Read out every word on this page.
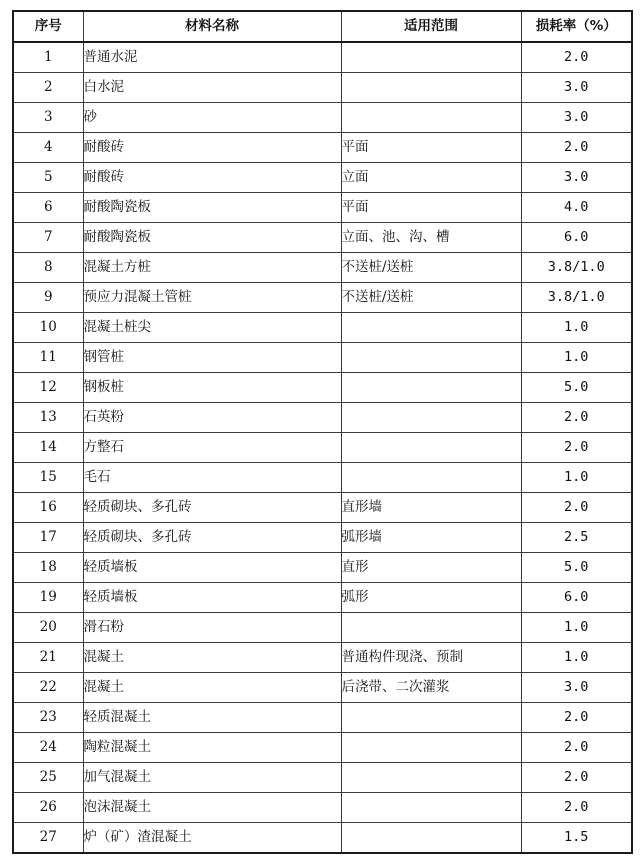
序号	材料名称	适用范围	损耗率（%）
1	普通水泥		2.0
2	白水泥		3.0
3	砂		3.0
4	耐酸砖	平面	2.0
5	耐酸砖	立面	3.0
6	耐酸陶瓷板	平面	4.0
7	耐酸陶瓷板	立面、池、沟、槽	6.0
8	混凝土方桩	不送桩/送桩	3.8/1.0
9	预应力混凝土管桩	不送桩/送桩	3.8/1.0
10	混凝土桩尖		1.0
11	钢管桩		1.0
12	钢板桩		5.0
13	石英粉		2.0
14	方整石		2.0
15	毛石		1.0
16	轻质砌块、多孔砖	直形墙	2.0
17	轻质砌块、多孔砖	弧形墙	2.5
18	轻质墙板	直形	5.0
19	轻质墙板	弧形	6.0
20	滑石粉		1.0
21	混凝土	普通构件现浇、预制	1.0
22	混凝土	后浇带、二次灌浆	3.0
23	轻质混凝土		2.0
24	陶粒混凝土		2.0
25	加气混凝土		2.0
26	泡沫混凝土		2.0
27	炉（矿）渣混凝土		1.5
